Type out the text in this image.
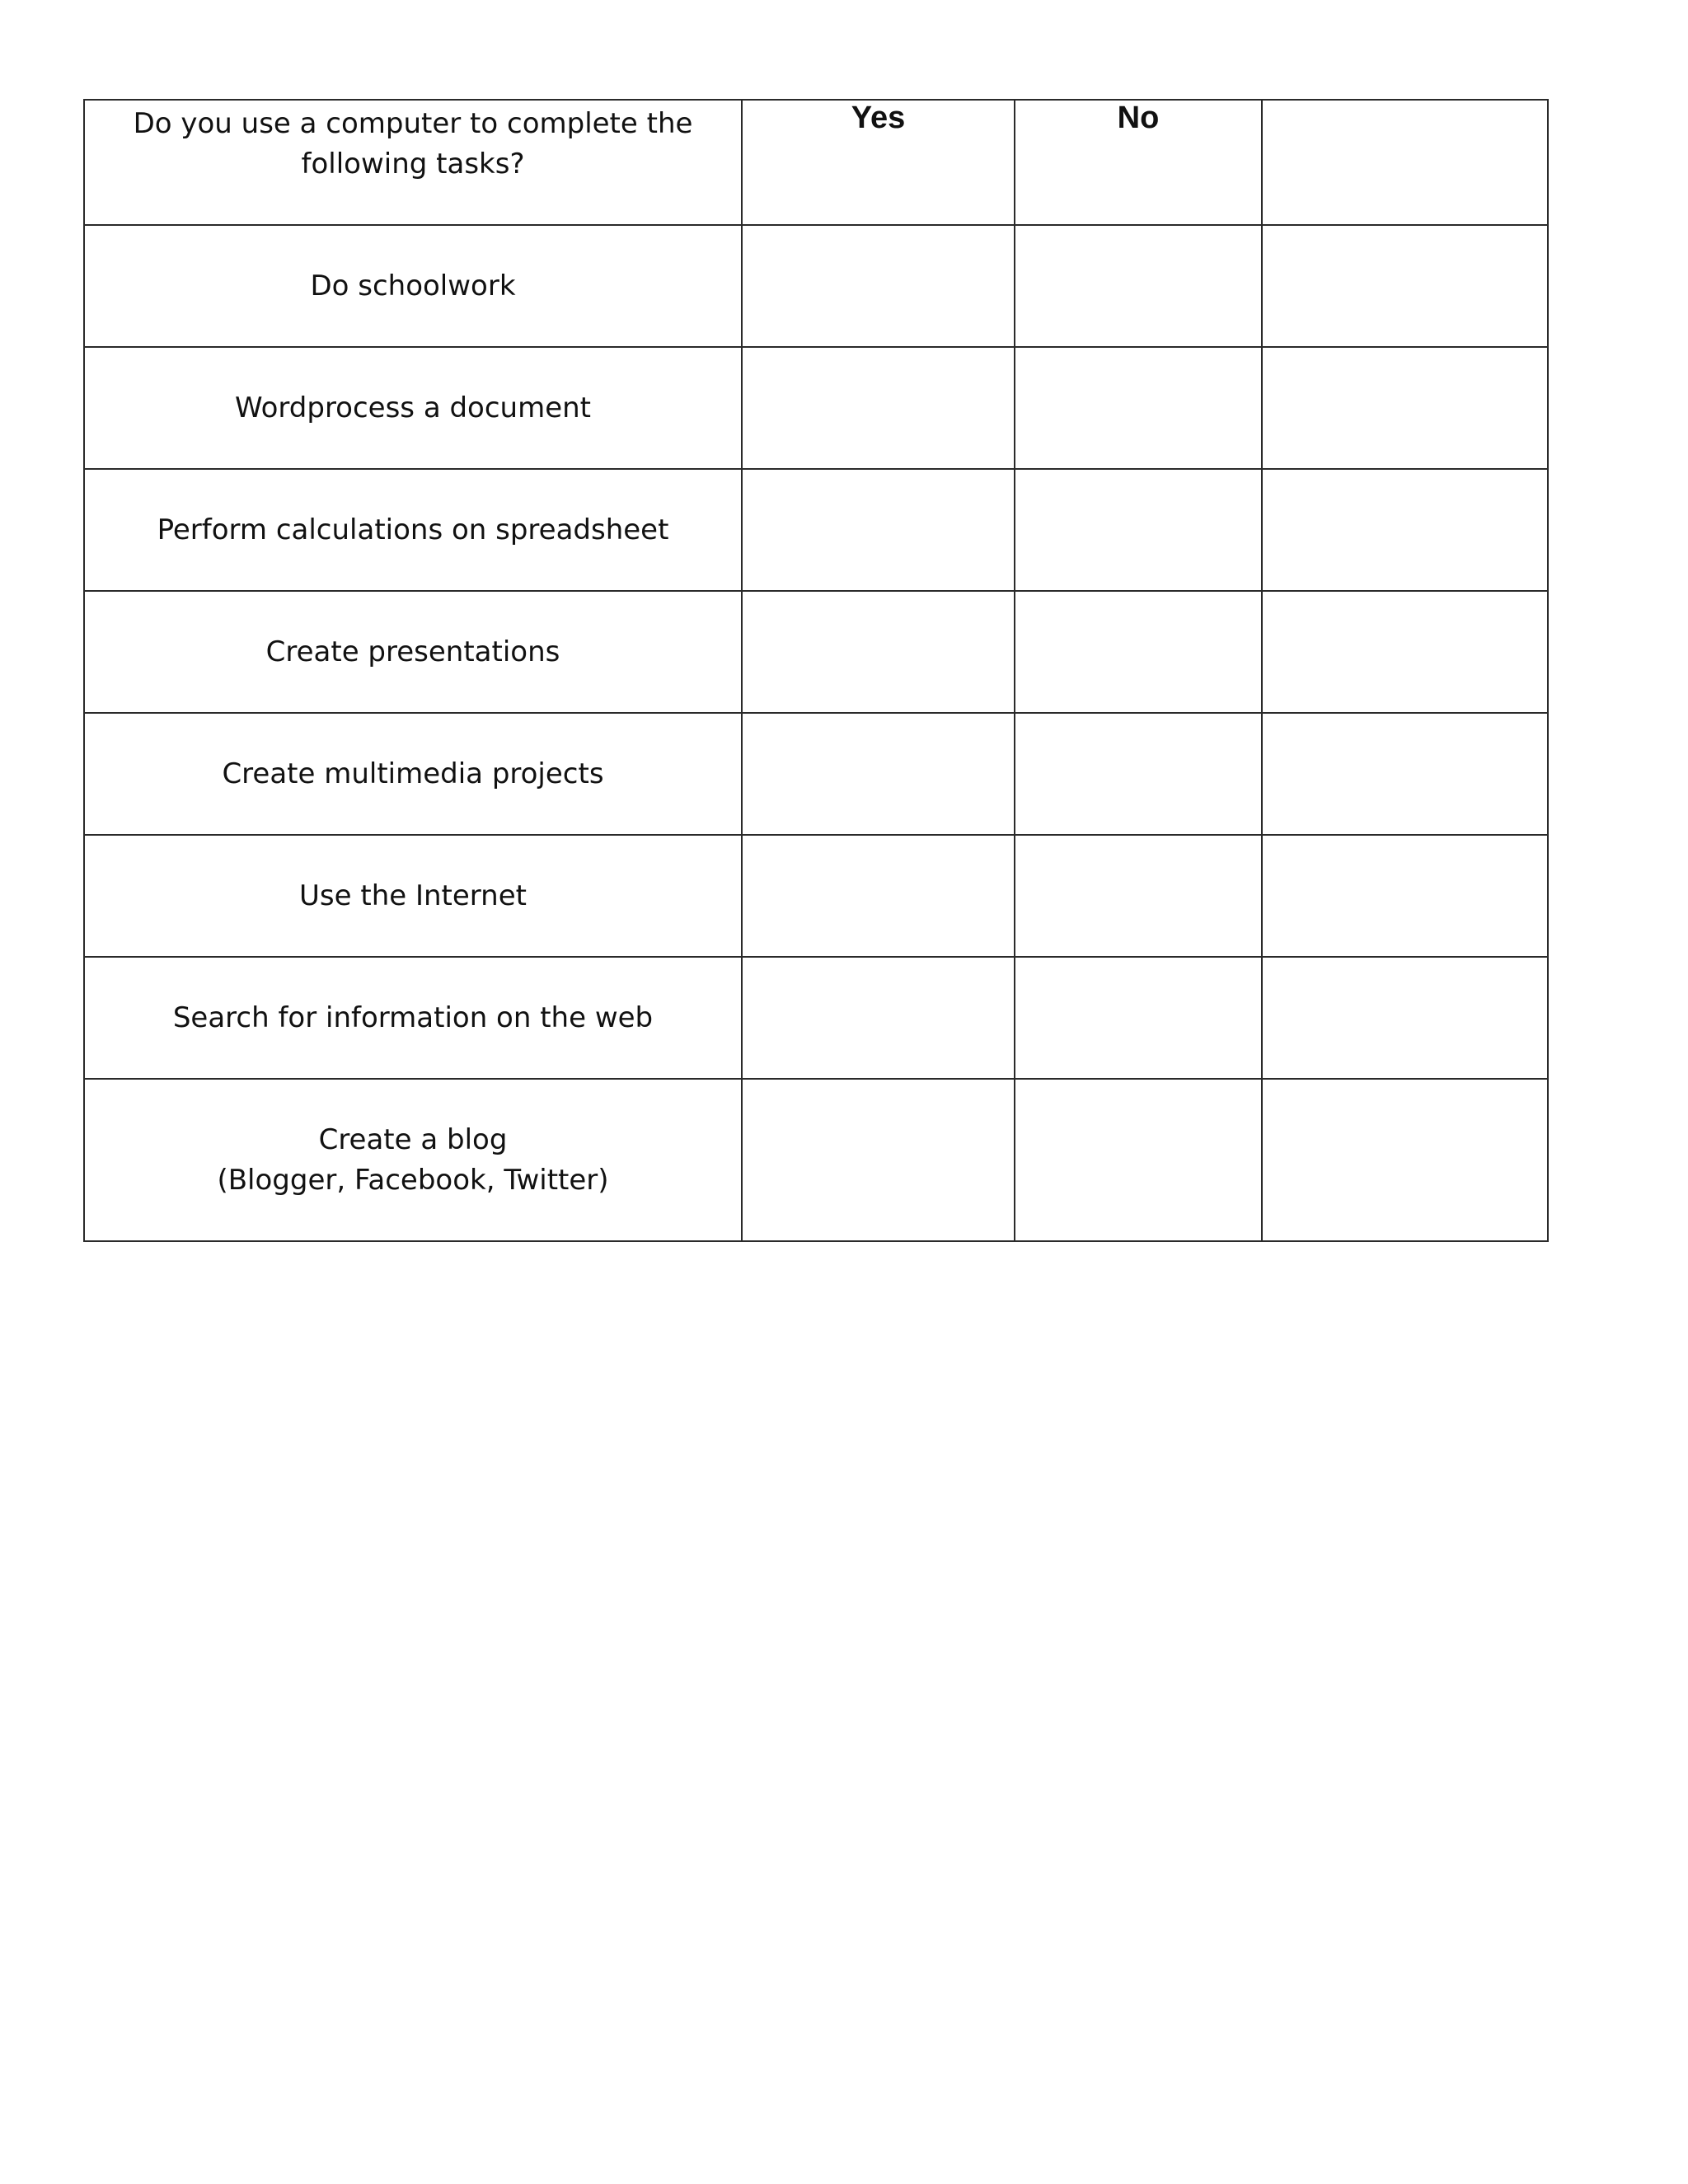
Do you use a computer to complete the
following tasks?	Yes	No	
Do schoolwork			
Wordprocess a document			
Perform calculations on spreadsheet			
Create presentations			
Create multimedia projects			
Use the Internet			
Search for information on the web			

Create a blog
(Blogger, Facebook, Twitter)			
